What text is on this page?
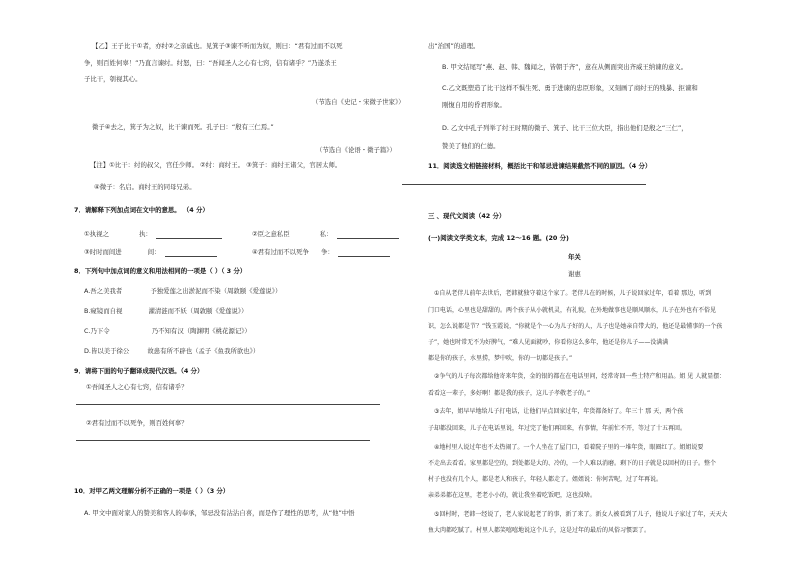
【乙】王子比干①者，亦纣②之亲戚也。见箕子③谏不听而为奴，则曰：“君有过而不以死
争，则百姓何辜！”乃直言谏纣。纣怒，曰：“吾闻圣人之心有七窍，信有诸乎？”乃遂杀王
子比干，刳视其心。
（节选自《史记・宋微子世家》）
微子④去之，箕子为之奴，比干谏而死。孔子曰：“殷有三仁焉。”
（节选自《论语・微子篇》）
【注】①比干：纣的叔父，官任少师。 ②纣：商纣王。 ③箕子：商纣王诸父，官居太师。
④微子：名启。商纣王的同母兄弟。
7．请解释下列加点词在文中的意思。 （4 分）
①执视之	执：	②臣之意私臣	私：
③时时而间进	间：	④君有过而不以死争 争：
8．下列句中加点词的意义和用法相同的一项是（ ）（ 3 分）
A.吾之美我者	予独爱莲之出淤泥而不染（周敦颐《爱莲说》）
B.窥镜而自视	濯清涟而不妖（周敦颐《爱莲说》）
C.乃下令	乃不知有汉（陶渊明《桃花源记》）
D.皆以美于徐公	故患有所不辟也（孟子《鱼我所欲也》）
9．请将下面的句子翻译成现代汉语。（4 分）
①吾闻圣人之心有七窍，信有诸乎？
②君有过而不以死争，则百姓何辜？
10．对甲乙两文理解分析不正确的一项是（ ）（3 分）
A. 甲文中面对家人的赞美和客人的奉承，邹忌没有沾沾自喜，而是作了理性的思考，从“他”中悟
出“治国”的道理。
B. 甲文结尾写“燕、赵、韩、魏闻之，皆朝于齐”，意在从侧面突出齐威王纳谏的意义。
C.乙文既塑造了比干这样不惧生死、勇于进谏的忠臣形象，又刻画了商纣王的残暴、拒谏和
刚愎自用的昏君形象。
D. 乙文中孔子列举了纣王时期的微子、箕子、比干三位大臣，指出他们是殷之“三仁”，
赞美了他们的仁德。
11．阅读选文相链接材料，概括比干和邹忌进谏结果截然不同的原因。（4 分）
三 、现代文阅读（42 分）
(一)阅读文学类文本，完成 12～16 题。(20 分)
年关
谢惠
①自从老伴儿前年去世后，老韩就独守着这个家了。老伴儿在的时候，儿子说回家过年，看着 那边，听到
门口电话，心里也是甜甜的。两个孩子从小就机灵，有礼貌，在外地做事也是顺风顺水，儿子在外也有不俗见
识，怎么说都是节？”钱玉霞说，“你就是个一心为儿子好的人，儿子也是她亲自带大的，他还是最懂事的一个孩
子”，她也时常无不为好脾气，“难人见面就吵，你看你这么多年，他还是你儿子——没满满
都是你的孩子，水里捞，梦中吹，你的一切都是孩子。”
②争气的儿子每次都给他寄来年货，金的银的都在在电话里问，经常寄回一些土特产和用品。姐 见 人就显摆：
看看这一辈子，多好啊！都是我的孩子，这儿子孝敬老子的。”
③去年，姐早早地给儿子打电话，让他们早点回家过年，年货都备好了。年三十 那 天，两个孩
子却都没回来，儿子在电话里说，年过完了他们再回来，有事情，年前忙不开，等过了十五再回。
④地村里人说过年也不太热闹了。一个人坐在了屋门口，看着院子里的一堆年货，眼圈红了。姐姐说要
不走出去看看。家里都是空的，到处都是大的、冷的，一个人难以消磨。剩下的日子就是以回村的日子。整个
村子也没有几个人，都是老人和孩子，年轻人都走了。姐姐说：你何苦呢，过了年再说。
亲弟弟都在这里，老老小小的，就让我坐着吃饭吧，这也没啥。
⑤回村时，老韩一经说了，老人家说起老了的事，新了来了。新女人被看到了儿子，他说儿子家过了年，天天大
鱼大肉都吃腻了。村里人都笑嘻嘻地说这个儿子，这是过年的最后的风俗习惯罢了。
